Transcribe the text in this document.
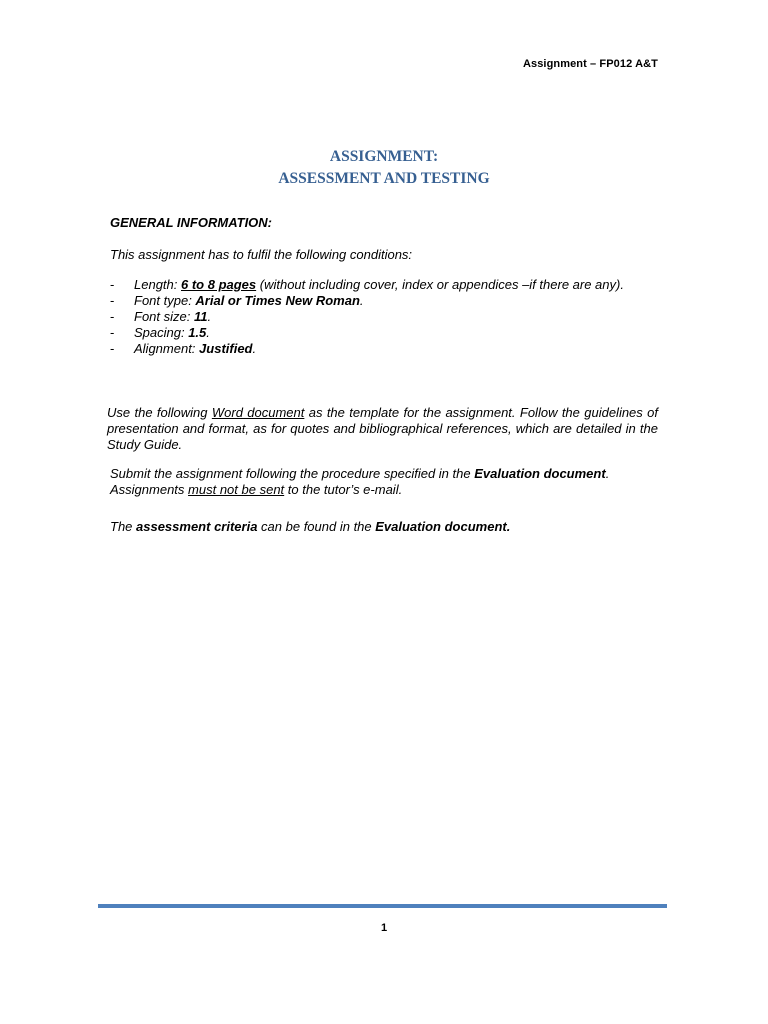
Assignment – FP012 A&T
ASSIGNMENT:
ASSESSMENT AND TESTING
GENERAL INFORMATION:
This assignment has to fulfil the following conditions:
- Length: 6 to 8 pages (without including cover, index or appendices –if there are any).
- Font type: Arial or Times New Roman.
- Font size: 11.
- Spacing: 1.5.
- Alignment: Justified.
Use the following Word document as the template for the assignment. Follow the guidelines of presentation and format, as for quotes and bibliographical references, which are detailed in the Study Guide.
Submit the assignment following the procedure specified in the Evaluation document.
Assignments must not be sent to the tutor’s e-mail.
The assessment criteria can be found in the Evaluation document.
1
